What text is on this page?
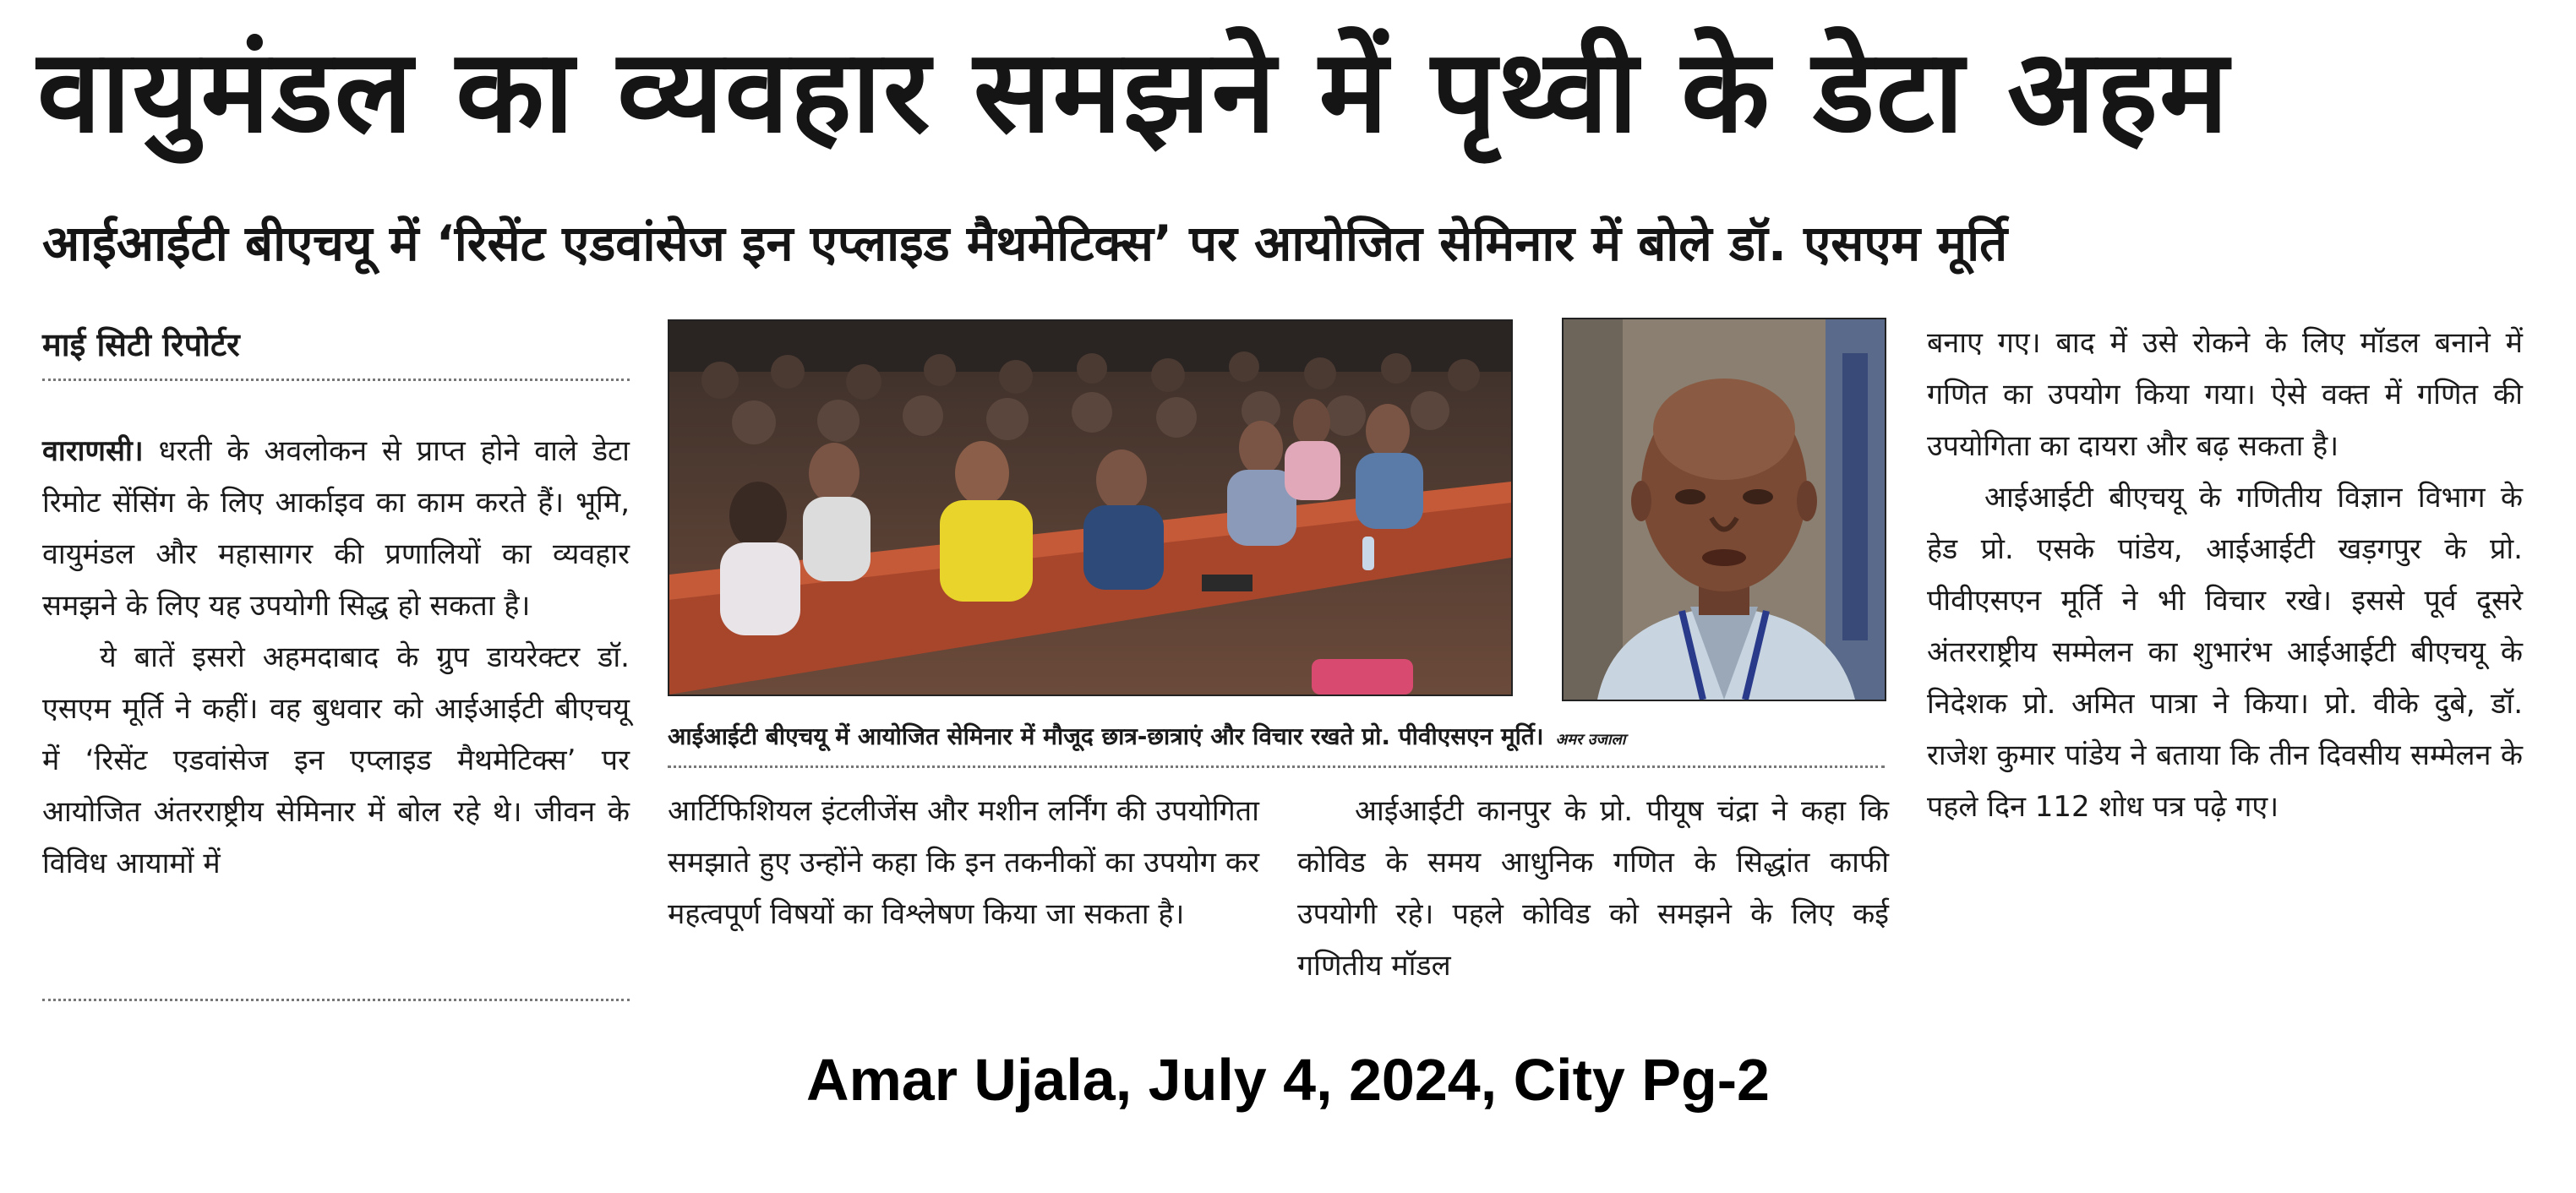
वायुमंडल का व्यवहार समझने में पृथ्वी के डेटा अहम
आईआईटी बीएचयू में ‘रिसेंट एडवांसेज इन एप्लाइड मैथमेटिक्स’ पर आयोजित सेमिनार में बोले डॉ. एसएम मूर्ति
माई सिटी रिपोर्टर

वाराणसी। धरती के अवलोकन से प्राप्त होने वाले डेटा रिमोट सेंसिंग के लिए आर्काइव का काम करते हैं। भूमि, वायुमंडल और महासागर की प्रणालियों का व्यवहार समझने के लिए यह उपयोगी सिद्ध हो सकता है।

ये बातें इसरो अहमदाबाद के ग्रुप डायरेक्टर डॉ. एसएम मूर्ति ने कहीं। वह बुधवार को आईआईटी बीएचयू में ‘रिसेंट एडवांसेज इन एप्लाइड मैथमेटिक्स’ पर आयोजित अंतरराष्ट्रीय सेमिनार में बोल रहे थे। जीवन के विविध आयामों में

आईआईटी बीएचयू में आयोजित सेमिनार में मौजूद छात्र-छात्राएं और विचार रखते प्रो. पीवीएसएन मूर्ति। अमर उजाला

आर्टिफिशियल इंटलीजेंस और मशीन लर्निंग की उपयोगिता समझाते हुए उन्होंने कहा कि इन तकनीकों का उपयोग कर महत्वपूर्ण विषयों का विश्लेषण किया जा सकता है।

आईआईटी कानपुर के प्रो. पीयूष चंद्रा ने कहा कि कोविड के समय आधुनिक गणित के सिद्धांत काफी उपयोगी रहे। पहले कोविड को समझने के लिए कई गणितीय मॉडल

बनाए गए। बाद में उसे रोकने के लिए मॉडल बनाने में गणित का उपयोग किया गया। ऐसे वक्त में गणित की उपयोगिता का दायरा और बढ़ सकता है।

आईआईटी बीएचयू के गणितीय विज्ञान विभाग के हेड प्रो. एसके पांडेय, आईआईटी खड़गपुर के प्रो. पीवीएसएन मूर्ति ने भी विचार रखे। इससे पूर्व दूसरे अंतरराष्ट्रीय सम्मेलन का शुभारंभ आईआईटी बीएचयू के निदेशक प्रो. अमित पात्रा ने किया। प्रो. वीके दुबे, डॉ. राजेश कुमार पांडेय ने बताया कि तीन दिवसीय सम्मेलन के पहले दिन 112 शोध पत्र पढ़े गए।

Amar Ujala, July 4, 2024, City Pg-2
